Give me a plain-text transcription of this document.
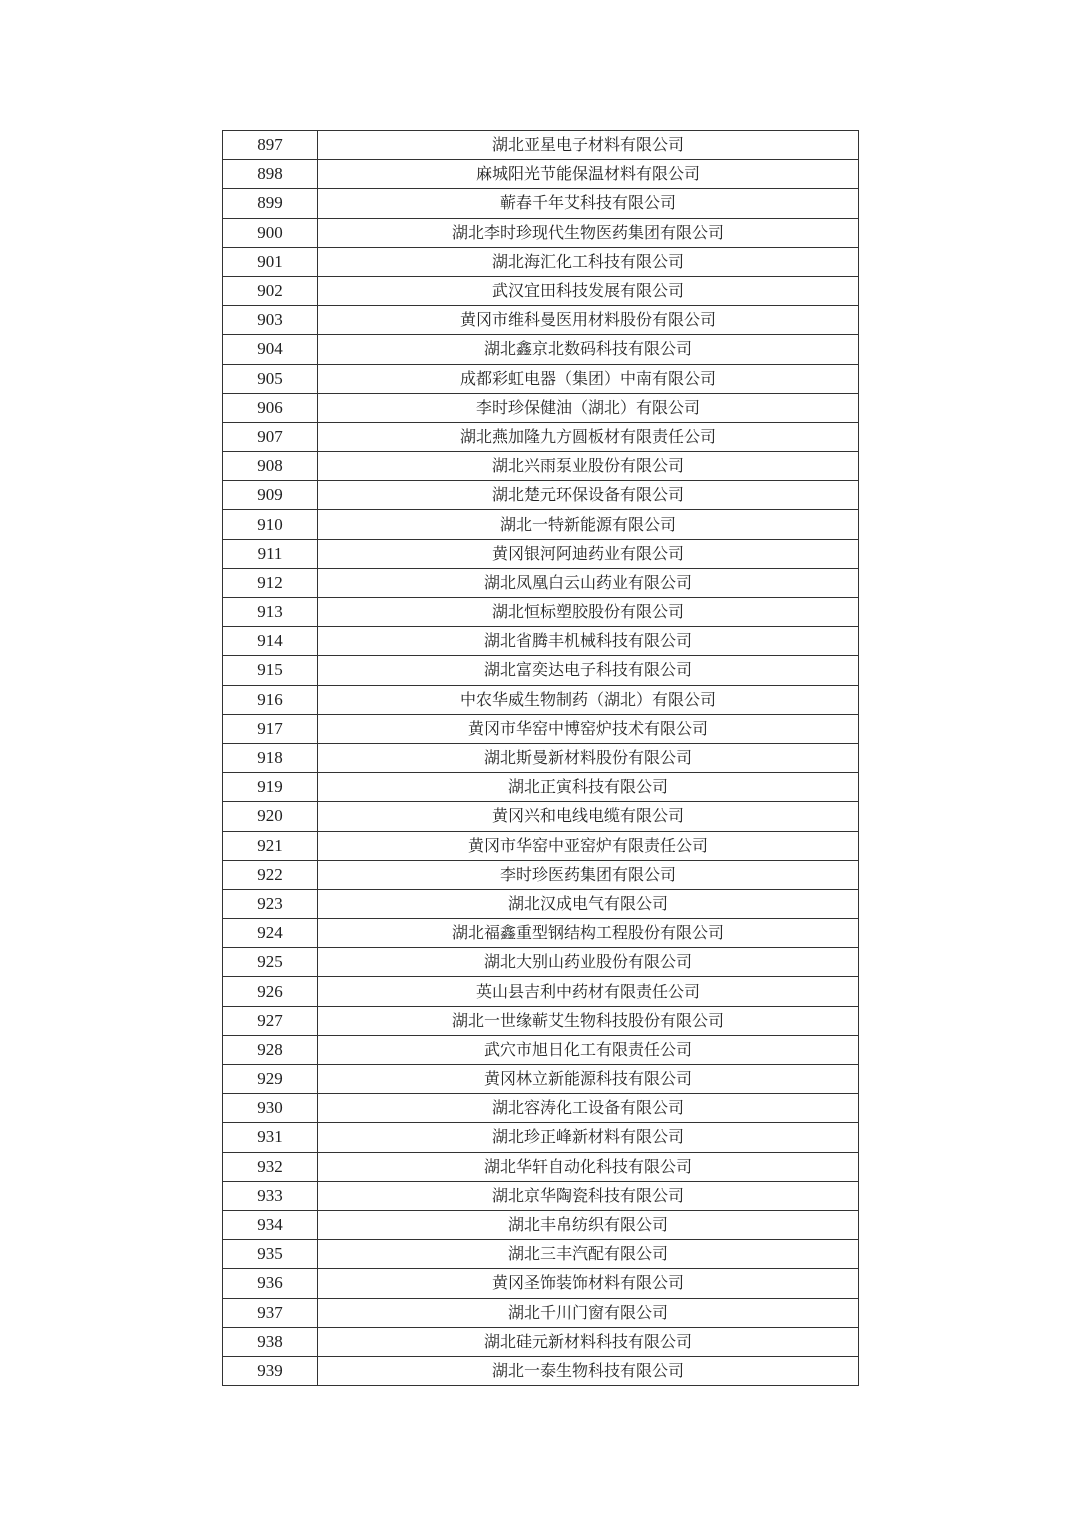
897	湖北亚星电子材料有限公司
898	麻城阳光节能保温材料有限公司
899	蕲春千年艾科技有限公司
900	湖北李时珍现代生物医药集团有限公司
901	湖北海汇化工科技有限公司
902	武汉宜田科技发展有限公司
903	黄冈市维科曼医用材料股份有限公司
904	湖北鑫京北数码科技有限公司
905	成都彩虹电器（集团）中南有限公司
906	李时珍保健油（湖北）有限公司
907	湖北燕加隆九方圆板材有限责任公司
908	湖北兴雨泵业股份有限公司
909	湖北楚元环保设备有限公司
910	湖北一特新能源有限公司
911	黄冈银河阿迪药业有限公司
912	湖北凤凰白云山药业有限公司
913	湖北恒标塑胶股份有限公司
914	湖北省腾丰机械科技有限公司
915	湖北富奕达电子科技有限公司
916	中农华威生物制药（湖北）有限公司
917	黄冈市华窑中博窑炉技术有限公司
918	湖北斯曼新材料股份有限公司
919	湖北正寅科技有限公司
920	黄冈兴和电线电缆有限公司
921	黄冈市华窑中亚窑炉有限责任公司
922	李时珍医药集团有限公司
923	湖北汉成电气有限公司
924	湖北福鑫重型钢结构工程股份有限公司
925	湖北大别山药业股份有限公司
926	英山县吉利中药材有限责任公司
927	湖北一世缘蕲艾生物科技股份有限公司
928	武穴市旭日化工有限责任公司
929	黄冈林立新能源科技有限公司
930	湖北容涛化工设备有限公司
931	湖北珍正峰新材料有限公司
932	湖北华轩自动化科技有限公司
933	湖北京华陶瓷科技有限公司
934	湖北丰帛纺织有限公司
935	湖北三丰汽配有限公司
936	黄冈圣饰装饰材料有限公司
937	湖北千川门窗有限公司
938	湖北硅元新材料科技有限公司
939	湖北一泰生物科技有限公司
